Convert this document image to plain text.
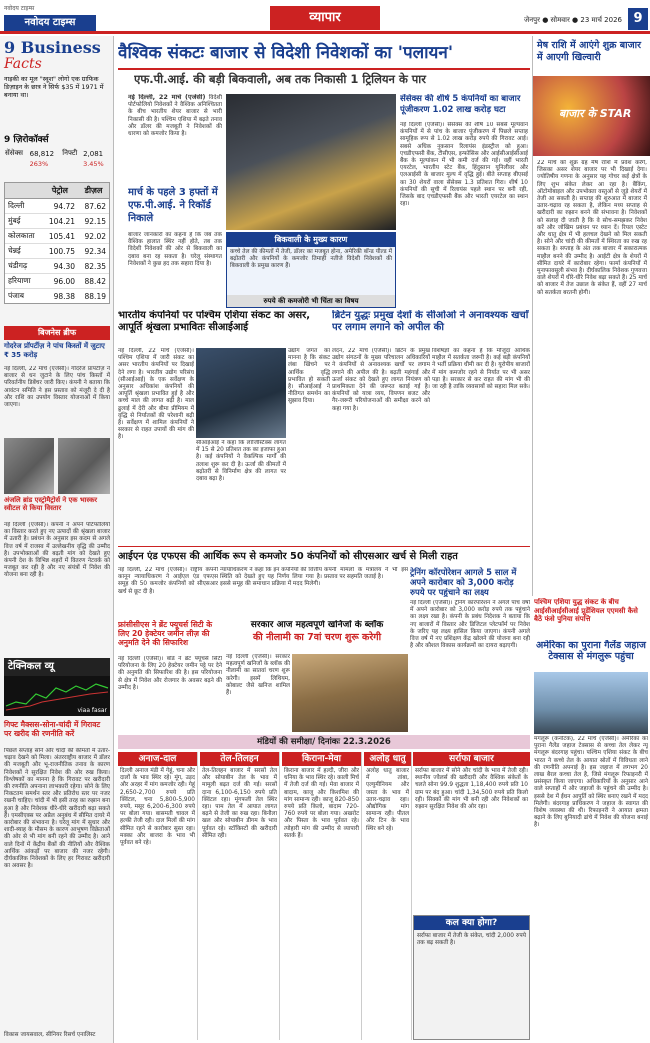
नवोदय टाइम्स
नवोदय टाइम्स	व्यापार	जेनपुर ● सोमवार ● 23 मार्च 2026 9
9 Business
Facts
नाइकी का मूल "स्वूश" लोगो एक ग्राफिक डिज़ाइन के छात्र ने सिर्फ $35 में 1971 में बनाया था।
9 ज़िरोकॉर्क्स
सेंसेक्स	68,812	निफ्टी	2,081
	263%		3.45%
	पेट्रोल	डीज़ल
दिल्ली	94.72	87.62
मुंबई	104.21	92.15
कोलकाता	105.41	92.02
चेन्नई	100.75	92.34
चंडीगढ़	94.30	82.35
हरियाणा	96.00	88.42
पंजाब	98.38	88.19
बिजनेस ब्रीफ
गोदरेज प्रॉपर्टीज़ ने पांच किस्तों में जुटाए ₹ 35 करोड़
नई दिल्ली, 22 मार्च (एजेंसी)। गोदरेज प्रॉपर्टीज़ ने बाजार से धन जुटाने के लिए पांच किस्तों में परिवर्तनीय डिबेंचर जारी किए। कंपनी ने बताया कि आवंटन समिति ने इस प्रस्ताव को मंजूरी दे दी है और राशि का उपयोग विस्तार योजनाओं में किया जाएगा।
अंजलि ब्रांड एस्ट्रोमैट्रोर्स ने एक भास्कर स्वीटल से किया विस्तार
नई दिल्ली (एजेंसी)। कंपनी ने अपने पोर्टफोलियो का विस्तार करते हुए नए उत्पादों की श्रृंखला बाजार में उतारी है। प्रबंधन के अनुसार इस कदम से अगले वित्त वर्ष में राजस्व में उल्लेखनीय वृद्धि की उम्मीद है। उपभोक्ताओं की बढ़ती मांग को देखते हुए कंपनी देश के विभिन्न शहरों में वितरण नेटवर्क को मजबूत कर रही है और नए संयंत्रों में निवेश की योजना बना रही है।
टेक्निकल व्यू
viaa fasar
गिफ्ट मैक्सस-सोना-चांदी में गिरावट पर खरीद की रणनीति करें
पिछले सप्ताह सोने और चांदी की कीमतों में उतार-चढ़ाव देखने को मिला। अंतरराष्ट्रीय बाजार में डॉलर की मजबूती और भू-राजनीतिक तनाव के कारण निवेशकों ने सुरक्षित निवेश की ओर रुख किया। विश्लेषकों का मानना है कि गिरावट पर खरीदारी की रणनीति अपनाना लाभकारी रहेगा। सोने के लिए निकटतम समर्थन स्तर और प्रतिरोध स्तर पर नजर रखनी चाहिए। चांदी में भी इसी तरह का रुझान बना हुआ है और निवेशक धीरे-धीरे खरीदारी बढ़ा सकते हैं। एमसीएक्स पर अप्रैल अनुबंध में सीमित दायरे में कारोबार की संभावना है। घरेलू मांग में सुधार और शादी-ब्याह के मौसम के कारण आभूषण विक्रेताओं की ओर से भी मांग बनी रहने की उम्मीद है। आने वाले दिनों में केंद्रीय बैंकों की नीतियों और वैश्विक आर्थिक आंकड़ों पर बाजार की नजर रहेगी। दीर्घकालिक निवेशकों के लिए हर गिरावट खरीदारी का अवसर है।
विकास जायसवाल, सीनियर रिसर्च एनालिस्ट
वैश्विक संकटः बाजार से विदेशी निवेशकों का 'पलायन'
एफ.पी.आई. की बड़ी बिकवाली, अब तक निकासी 1 ट्रिलियन के पार
नई दिल्ली, 22 मार्च (एजेंसी) विदेशी पोर्टफोलियो निवेशकों ने वैश्विक अनिश्चितता के बीच भारतीय शेयर बाजार से भारी निकासी की है। पश्चिम एशिया में बढ़ते तनाव और डॉलर की मजबूती ने निवेशकों की धारणा को कमजोर किया है।
मार्च के पहले 3 हफ्तों में एफ.पी.आई. ने रिकॉर्ड निकाले
बिकवाली के मुख्य कारण
कच्चे तेल की कीमतों में तेजी, डॉलर का मजबूत होना, अमेरिकी बॉन्ड यील्ड में बढ़ोतरी और कंपनियों के कमजोर तिमाही नतीजे विदेशी निवेशकों की बिकवाली के प्रमुख कारण हैं।
रुपये की कमजोरी भी चिंता का विषय
बाजार जानकारों का कहना है कि जब तक वैश्विक हालात स्थिर नहीं होते, तब तक विदेशी निवेशकों की ओर से बिकवाली का दबाव बना रह सकता है। घरेलू संस्थागत निवेशकों ने कुछ हद तक सहारा दिया है।
सेंसेक्स की शीर्ष 5 कंपनियों का बाजार पूंजीकरण 1.02 लाख करोड़ घटा
नई दिल्ली (एजेंसी)। सेंसेक्स की शीर्ष 10 सबसे मूल्यवान कंपनियों में से पांच के बाजार पूंजीकरण में पिछले सप्ताह सामूहिक रूप से 1.02 लाख करोड़ रुपये की गिरावट आई। सबसे अधिक नुकसान रिलायंस इंडस्ट्रीज को हुआ। एचडीएफसी बैंक, टीसीएस, इन्फोसिस और आईसीआईसीआई बैंक के मूल्यांकन में भी कमी दर्ज की गई। वहीं भारती एयरटेल, भारतीय स्टेट बैंक, हिंदुस्तान यूनिलीवर और एलआईसी के बाजार मूल्य में वृद्धि हुई। बीते सप्ताह बीएसई का 30 शेयरों वाला सेंसेक्स 1.3 प्रतिशत गिरा। शीर्ष 10 कंपनियों की सूची में रिलायंस पहले स्थान पर बनी रही, जिसके बाद एचडीएफसी बैंक और भारती एयरटेल का स्थान रहा।
मेष राशि में आएंगे शुक्र बाजार में आएगी खिल्वारी
बाजार के STAR
22 मार्च को शुक्र ग्रह मेष राशि में प्रवेश करेंगे, जिसका असर शेयर बाजार पर भी दिखाई देगा। ज्योतिषीय गणना के अनुसार यह गोचर कई क्षेत्रों के लिए शुभ संकेत लेकर आ रहा है। बैंकिंग, ऑटोमोबाइल और उपभोक्ता वस्तुओं से जुड़े शेयरों में तेजी आ सकती है। सप्ताह की शुरुआत में बाजार में उतार-चढ़ाव रह सकता है, लेकिन मध्य सप्ताह से खरीदारी का रुझान बनने की संभावना है। निवेशकों को सलाह दी जाती है कि वे सोच-समझकर निवेश करें और जोखिम प्रबंधन पर ध्यान दें। रियल एस्टेट और धातु क्षेत्र में भी हलचल देखने को मिल सकती है। सोने और चांदी की कीमतों में स्थिरता का रुख रह सकता है। सप्ताह के अंत तक बाजार में सकारात्मक माहौल बनने की उम्मीद है। आईटी क्षेत्र के शेयरों में सीमित दायरे में कारोबार रहेगा। फार्मा कंपनियों में मुनाफावसूली संभव है। दीर्घकालिक निवेशक गुणवत्ता वाले शेयरों में धीरे-धीरे निवेश बढ़ा सकते हैं। 25 मार्च को बाजार में तेज उछाल के संकेत हैं, वहीं 27 मार्च को सतर्कता बरतनी होगी।
भारतीय कंपनियों पर पश्चिम एशिया संकट का असर, आपूर्ति श्रृंखला प्रभावितः सीआईआई
नई दिल्ली, 22 मार्च (एजेंसी)। पश्चिम एशिया में जारी संकट का असर भारतीय कंपनियों पर दिखाई देने लगा है। भारतीय उद्योग परिसंघ (सीआईआई) के एक सर्वेक्षण के अनुसार अधिकांश कंपनियों की आपूर्ति श्रृंखला प्रभावित हुई है और कच्चे माल की लागत बढ़ी है। माल ढुलाई में देरी और बीमा प्रीमियम में वृद्धि से निर्यातकों की परेशानी बढ़ी है। सर्वेक्षण में शामिल कंपनियों ने सरकार से राहत उपायों की मांग की है।
सीआईआई ने कहा कि लॉजिस्टिक्स लागत में 15 से 20 प्रतिशत तक का इजाफा हुआ है। कई कंपनियों ने वैकल्पिक मार्गों की तलाश शुरू कर दी है। ऊर्जा की कीमतों में बढ़ोतरी से विनिर्माण क्षेत्र की लागत पर दबाव बढ़ा है।
उद्योग जगत का मानना है कि संकट लंबा खिंचने पर आर्थिक वृद्धि प्रभावित हो सकती है। सीआईआई ने नीतिगत समर्थन का सुझाव दिया।
ब्रिटेन युद्धः प्रमुख देशों के सीओओ ने अनावश्यक खर्चों पर लगाम लगाने को अपील की
लंदन, 22 मार्च (एजेंसी)। ब्रिटेन के प्रमुख उद्योग संगठनों के मुख्य परिचालन अधिकारियों ने कंपनियों से अनावश्यक खर्चों पर लगाम लगाने की अपील की है। बढ़ती महंगाई और ऊर्जा संकट को देखते हुए लागत नियंत्रण को प्राथमिकता देने की जरूरत बताई गई है। कंपनियों को यात्रा व्यय, विपणन बजट और गैर-जरूरी परियोजनाओं की समीक्षा करने को कहा गया है।
विशेषज्ञों का कहना है कि मौजूदा आर्थिक माहौल में सतर्कता जरूरी है। कई बड़ी कंपनियों ने भर्ती प्रक्रिया धीमी कर दी है। यूरोपीय बाजारों में मांग कमजोर रहने से निर्यात पर भी असर पड़ा है। सरकार से कर राहत की मांग भी की जा रही है ताकि व्यवसायों को सहारा मिल सके।
आईएन एंड एफएस की आर्थिक रूप से कमजोर 50 कंपनियों को सीएसआर खर्च से मिली राहत
नई दिल्ली, 22 मार्च (एजेंसी)। राष्ट्रीय कंपनी कानून न्यायाधिकरण ने आईएल एंड एफएस समूह की 50 कमजोर कंपनियों को सीएसआर खर्च से छूट दी है।
न्यायाधिकरण ने कहा कि इन कंपनियों की वित्तीय स्थिति को देखते हुए यह निर्णय लिया गया है। इससे समूह की समाधान प्रक्रिया में मदद मिलेगी।
कंपनी मामलों के मंत्रालय ने भी इस प्रस्ताव पर सहमति जताई है।
ट्रेनिंग कॉरपोरेशन आगले 5 साल में अपने कारोबार को 3,000 करोड़ रुपये पर पहुंचाने का लक्ष्य
नई दिल्ली (एजेंसी)। ट्रेनिंग कॉरपोरेशन ने अगले पांच वर्षों में अपने कारोबार को 3,000 करोड़ रुपये तक पहुंचाने का लक्ष्य रखा है। कंपनी के प्रबंध निदेशक ने बताया कि नए बाजारों में विस्तार और डिजिटल प्लेटफॉर्म पर निवेश के जरिए यह लक्ष्य हासिल किया जाएगा। कंपनी अगले वित्त वर्ष में नए प्रशिक्षण केंद्र खोलने की योजना बना रही है और कौशल विकास कार्यक्रमों का दायरा बढ़ाएगी।
फ्रांसीसीएस ने ब्रेंट फ्यूचर्स सिटी के लिए 20 हेक्टेयर जमीन लीज़ की अनुमति देने की सिफारिश
नई दिल्ली (एजेंसी)। बोर्ड ने ब्रेंट फ्यूचर्स सिटी परियोजना के लिए 20 हेक्टेयर जमीन पट्टे पर देने की अनुमति की सिफारिश की है। इस परियोजना से क्षेत्र में निवेश और रोजगार के अवसर बढ़ने की उम्मीद है।
सरकार आज महत्वपूर्ण खनिजों के ब्लॉक
की नीलामी का 7वां चरण शुरू करेगी
नई दिल्ली (एजेंसी)। सरकार महत्वपूर्ण खनिजों के ब्लॉक की नीलामी का सातवां चरण शुरू करेगी। इसमें लिथियम, कोबाल्ट जैसे खनिज शामिल हैं।
पश्चिम एशिया युद्ध संकट के बीच आईसीआईसीआई प्रूडेंशियल एएमसी कैसे बैठें फंसे पुनिया संपत्ति
अमेरिका का पुराना गैलेंड जहाज टेक्सास से मंगलुरू पहुंचा
मंगलूरू (कर्नाटक), 22 मार्च (एजेंसी)। अमेरिका का पुराना गैलेंड जहाज टेक्सास से कच्चा तेल लेकर न्यू मंगलूरू बंदरगाह पहुंचा। पश्चिम एशिया संकट के बीच भारत ने कच्चे तेल के आयात स्रोतों में विविधता लाने की रणनीति अपनाई है। इस जहाज में लगभग 20 लाख बैरल कच्चा तेल है, जिसे मंगलूरू रिफाइनरी में प्रसंस्कृत किया जाएगा। अधिकारियों के अनुसार आने वाले सप्ताहों में और जहाजों के पहुंचने की उम्मीद है। इससे देश में ईंधन आपूर्ति को स्थिर बनाए रखने में मदद मिलेगी। बंदरगाह प्राधिकरण ने जहाज के स्वागत की विशेष व्यवस्था की थी। रिफाइनरी ने आयात क्षमता बढ़ाने के लिए बुनियादी ढांचे में निवेश की योजना बनाई है।
मंडियों की समीक्षा/ दिनांकः 22.3.2026
अनाज-दाल
दिल्ली अनाज मंडी में गेहूं, चना और दालों के भाव स्थिर रहे। मूंग, उड़द और अरहर में मांग कमजोर रही। गेहूं 2,650-2,700 रुपये प्रति क्विंटल, चना 5,800-5,900 रुपये, मसूर 6,200-6,300 रुपये पर बोला गया। बासमती चावल में हल्की तेजी रही। दाल मिलों की मांग सीमित रहने से कारोबार सुस्त रहा। मक्का और बाजरा के भाव भी पूर्ववत बने रहे।
तेल-तिलहन
तेल-तिलहन बाजार में सरसों तेल और सोयाबीन तेल के भाव में मामूली बढ़त दर्ज की गई। सरसों दाना 6,100-6,150 रुपये प्रति क्विंटल रहा। मूंगफली तेल स्थिर रहा। पाम तेल में आयात लागत बढ़ने से तेजी का रुख रहा। बिनौला खल और सोयाबीन डीगम के भाव पूर्ववत रहे। स्टॉकिस्टों की खरीदारी सीमित रही।
किराना-मेवा
किराना बाजार में हल्दी, जीरा और धनिया के भाव स्थिर रहे। काली मिर्च में तेजी दर्ज की गई। मेवा बाजार में बादाम, काजू और किशमिश की मांग सामान्य रही। काजू 820-850 रुपये प्रति किलो, बादाम 720-760 रुपये पर बोला गया। अखरोट और पिस्ता के भाव पूर्ववत रहे। त्योहारी मांग की उम्मीद से व्यापारी सतर्क हैं।
अलोह धातु
अलोह धातु बाजार में तांबा, एल्युमीनियम और जस्ता के भाव में उतार-चढ़ाव रहा। औद्योगिक मांग सामान्य रही। पीतल और टिन के भाव स्थिर बने रहे।
सर्राफा बाजार
सर्राफा बाजार में सोने और चांदी के भाव में तेजी रही। स्थानीय ज्वैलर्स की खरीदारी और वैश्विक संकेतों के चलते सोना 99.9 शुद्धता 1,18,400 रुपये प्रति 10 ग्राम पर बंद हुआ। चांदी 1,34,500 रुपये प्रति किलो रही। सिक्कों की मांग भी बनी रही और निवेशकों का रुझान सुरक्षित निवेश की ओर रहा।
कल क्या होगा?
सर्राफा बाजार में तेजी के संकेत, चांदी 2,000 रुपये तक बढ़ सकती है।
